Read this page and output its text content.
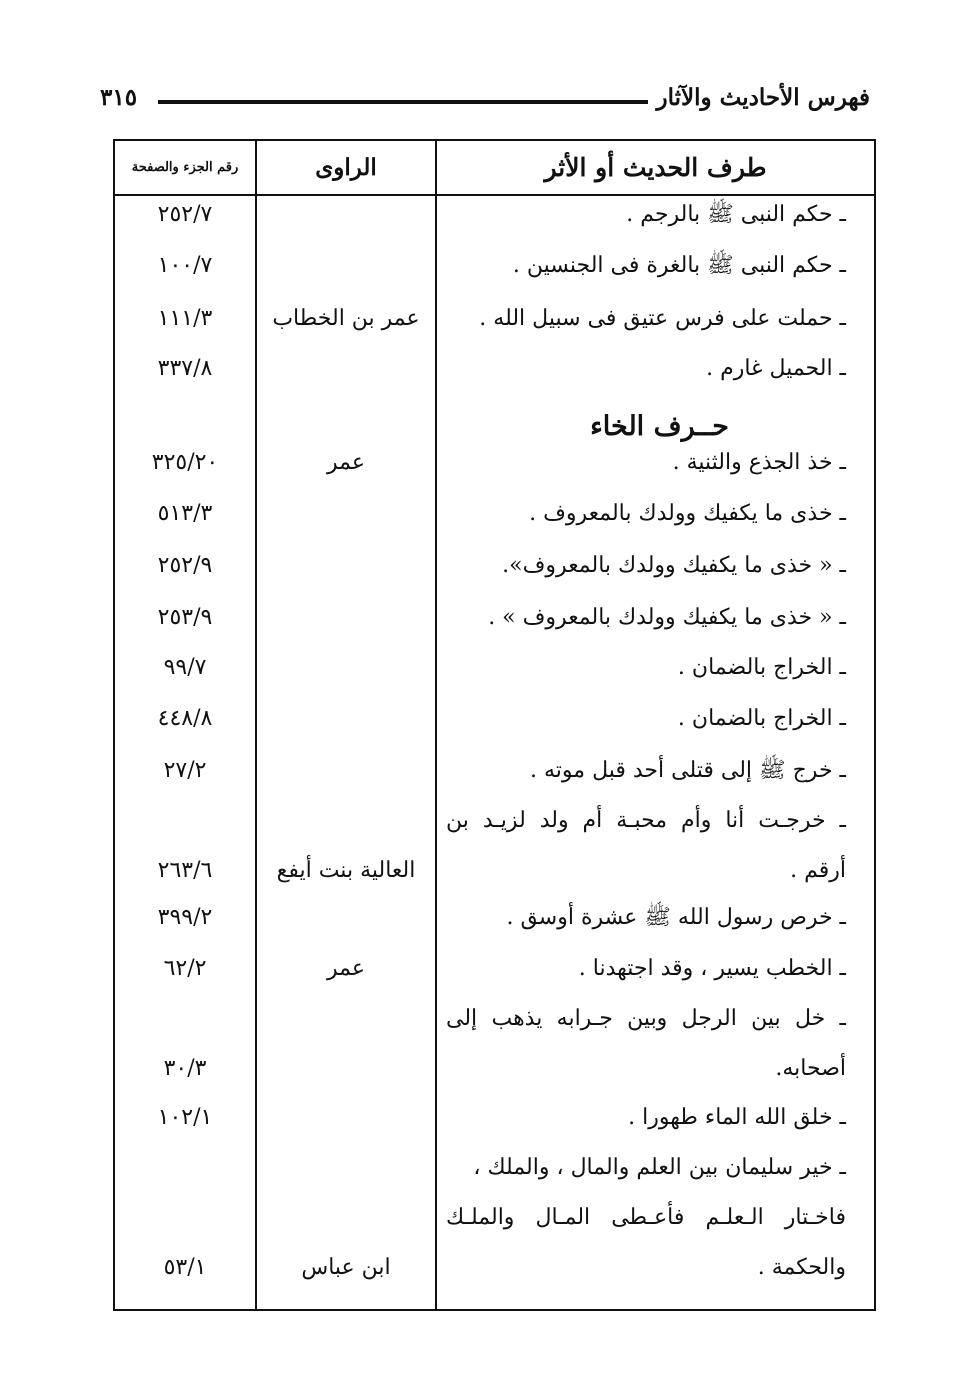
فهرس الأحاديث والآثار
٣١٥
طرف الحديث أو الأثر
الراوى
رقم الجزء والصفحة
حــرف الخاء
ـ حكم النبى ﷺ بالرجم .
٢٥٢/٧
ـ حكم النبى ﷺ بالغرة فى الجنسين .
١٠٠/٧
ـ حملت على فرس عتيق فى سبيل الله .
عمر بن الخطاب
١١١/٣
ـ الحميل غارم .
٣٣٧/٨
ـ خذ الجذع والثنية .
عمر
٣٢٥/٢٠
ـ خذى ما يكفيك وولدك بالمعروف .
٥١٣/٣
ـ « خذى ما يكفيك وولدك بالمعروف».
٢٥٢/٩
ـ « خذى ما يكفيك وولدك بالمعروف » .
٢٥٣/٩
ـ الخراج بالضمان .
٩٩/٧
ـ الخراج بالضمان .
٤٤٨/٨
ـ خرج ﷺ إلى قتلى أحد قبل موته .
٢٧/٢
ـ خرجـت أنا وأم محبـة أم ولد لزيـد بن
أرقم .
العالية بنت أيفع
٢٦٣/٦
ـ خرص رسول الله ﷺ عشرة أوسق .
٣٩٩/٢
ـ الخطب يسير ، وقد اجتهدنا .
عمر
٦٢/٢
ـ خل بين الرجل وبين جـرابه يذهب إلى
أصحابه.
٣٠/٣
ـ خلق الله الماء طهورا .
١٠٢/١
ـ خير سليمان بين العلم والمال ، والملك ،
فاخـتار الـعلـم فأعـطى المـال والملـك
والحكمة .
ابن عباس
٥٣/١
